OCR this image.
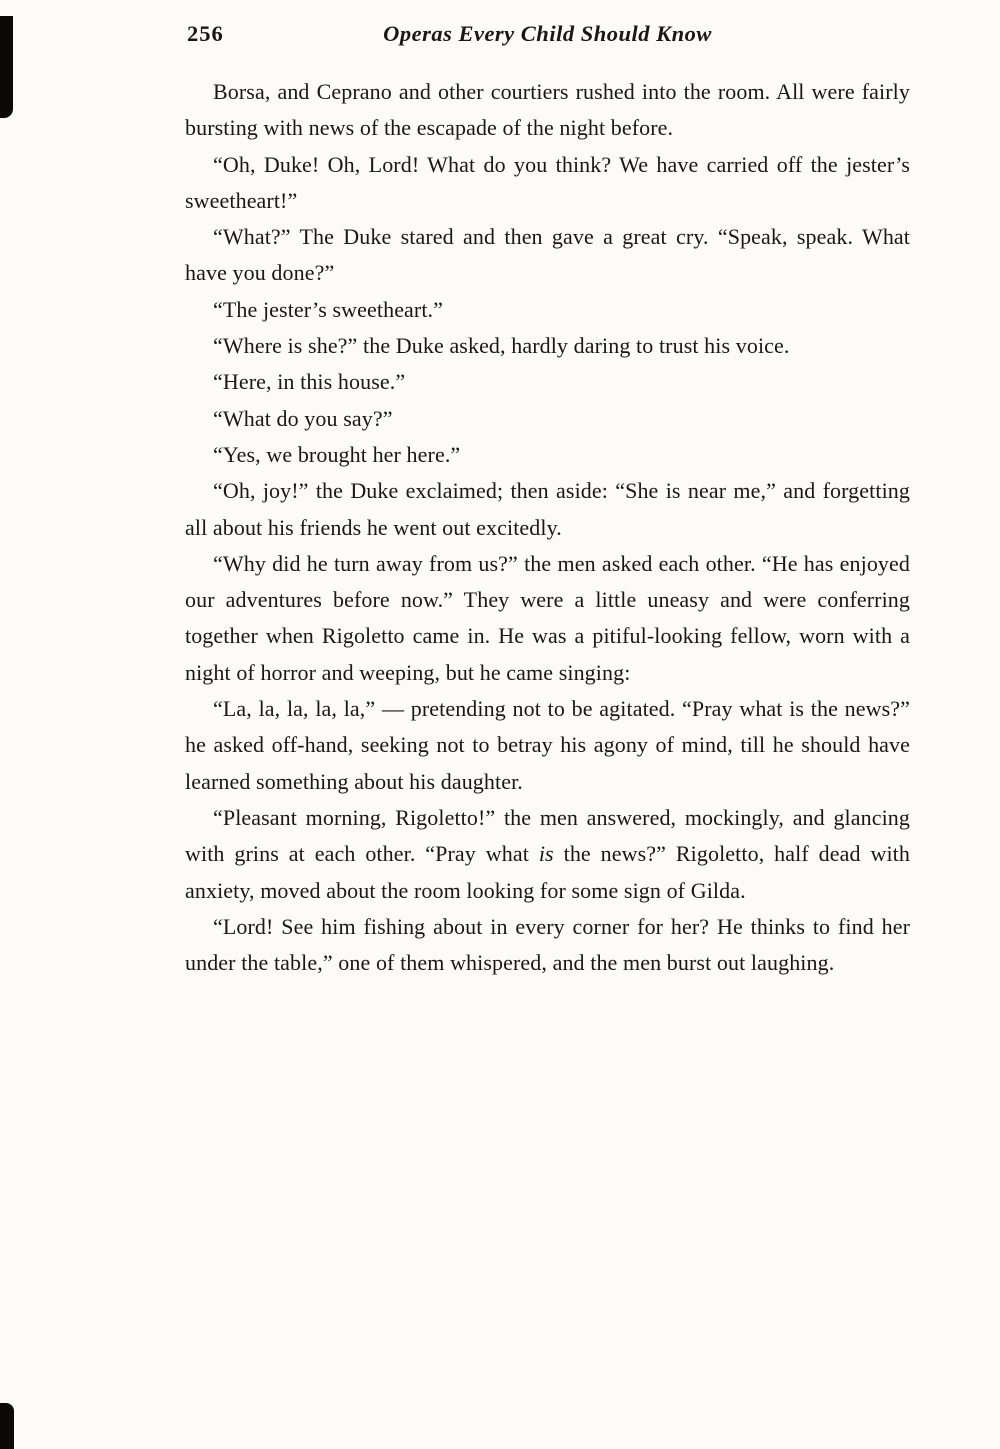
256	Operas Every Child Should Know

Borsa, and Ceprano and other courtiers rushed into the room. All were fairly bursting with news of the escapade of the night before.

“Oh, Duke! Oh, Lord! What do you think? We have carried off the jester’s sweetheart!”

“What?” The Duke stared and then gave a great cry. “Speak, speak. What have you done?”

“The jester’s sweetheart.”

“Where is she?” the Duke asked, hardly daring to trust his voice.

“Here, in this house.”

“What do you say?”

“Yes, we brought her here.”

“Oh, joy!” the Duke exclaimed; then aside: “She is near me,” and forgetting all about his friends he went out excitedly.

“Why did he turn away from us?” the men asked each other. “He has enjoyed our adventures before now.” They were a little uneasy and were conferring together when Rigoletto came in. He was a pitiful-looking fellow, worn with a night of horror and weeping, but he came singing:

“La, la, la, la, la,” — pretending not to be agitated. “Pray what is the news?” he asked off-hand, seeking not to betray his agony of mind, till he should have learned something about his daughter.

“Pleasant morning, Rigoletto!” the men answered, mockingly, and glancing with grins at each other. “Pray what is the news?” Rigoletto, half dead with anxiety, moved about the room looking for some sign of Gilda.

“Lord! See him fishing about in every corner for her? He thinks to find her under the table,” one of them whispered, and the men burst out laughing.
